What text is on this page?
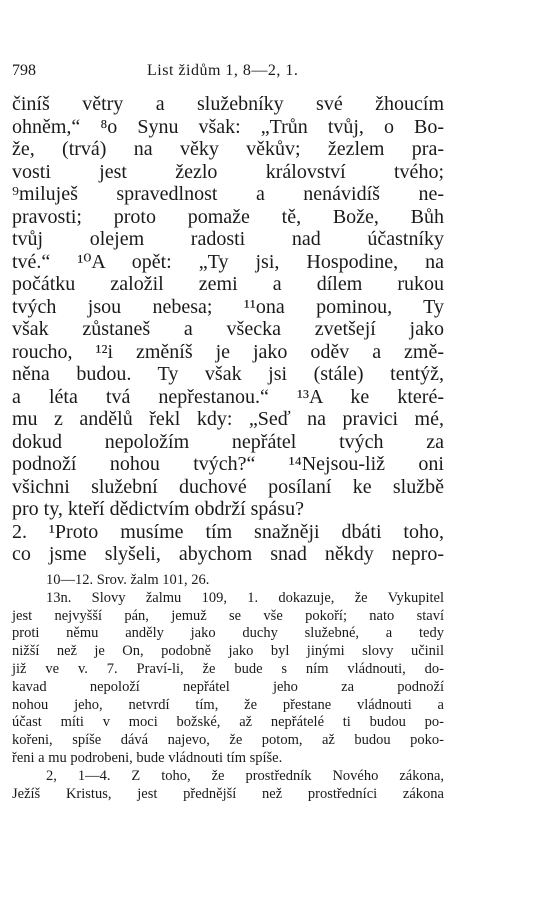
798	List židům 1, 8—2, 1.
činíš větry a služebníky své žhoucím
ohněm,“ ⁸o Synu však: „Trůn tvůj, o Bo-
že, (trvá) na věky věkův; žezlem pra-
vosti jest žezlo království tvého;
⁹miluješ spravedlnost a nenávidíš ne-
pravosti; proto pomaže tě, Bože, Bůh
tvůj olejem radosti nad účastníky
tvé.“ ¹⁰A opět: „Ty jsi, Hospodine, na
počátku založil zemi a dílem rukou
tvých jsou nebesa; ¹¹ona pominou, Ty
však zůstaneš a všecka zvetšejí jako
roucho, ¹²i změníš je jako oděv a změ-
něna budou. Ty však jsi (stále) tentýž,
a léta tvá nepřestanou.“ ¹³A ke které-
mu z andělů řekl kdy: „Seď na pravici mé,
dokud nepoložím nepřátel tvých za
podnoží nohou tvých?“ ¹⁴Nejsou-liž oni
všichni služební duchové posílaní ke službě
pro ty, kteří dědictvím obdrží spásu?
2. ¹Proto musíme tím snažněji dbáti toho,
co jsme slyšeli, abychom snad někdy nepro-
10—12. Srov. žalm 101, 26.
13n. Slovy žalmu 109, 1. dokazuje, že Vykupitel
jest nejvyšší pán, jemuž se vše pokoří; nato staví
proti němu anděly jako duchy služebné, a tedy
nižší než je On, podobně jako byl jinými slovy učinil
již ve v. 7. Praví-li, že bude s ním vládnouti, do-
kavad nepoloží nepřátel jeho za podnoží
nohou jeho, netvrdí tím, že přestane vládnouti a
účast míti v moci božské, až nepřátelé ti budou po-
kořeni, spíše dává najevo, že potom, až budou poko-
řeni a mu podrobeni, bude vládnouti tím spíše.
2, 1—4. Z toho, že prostředník Nového zákona,
Ježíš Kristus, jest přednější než prostředníci zákona
